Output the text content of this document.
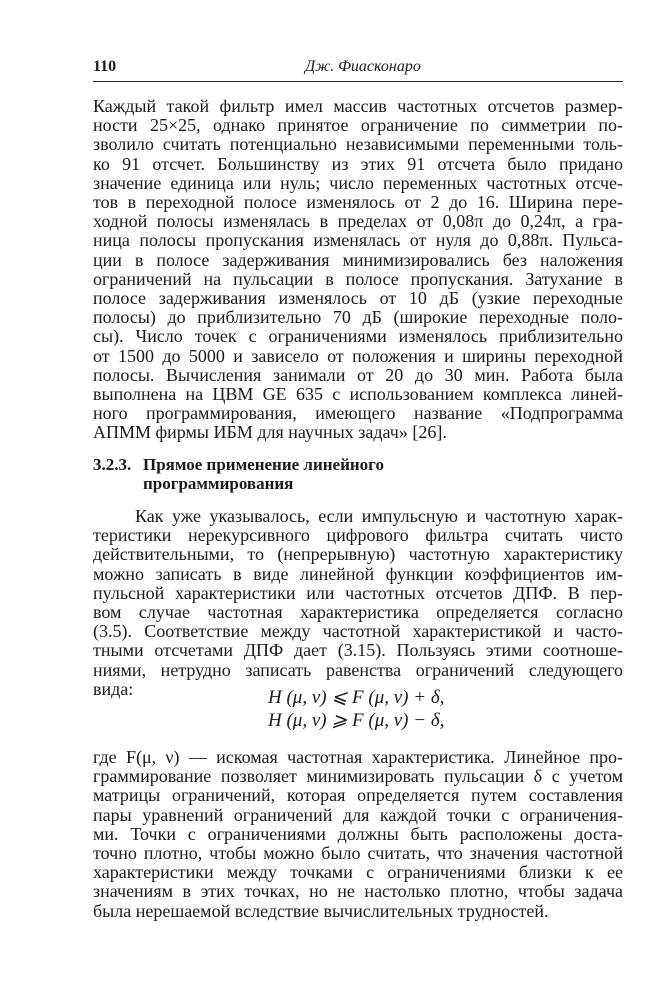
110	Дж. Фиасконаро
Каждый такой фильтр имел массив частотных отсчетов размер-
ности 25×25, однако принятое ограничение по симметрии по-
зволило считать потенциально независимыми переменными толь-
ко 91 отсчет. Большинству из этих 91 отсчета было придано
значение единица или нуль; число переменных частотных отсче-
тов в переходной полосе изменялось от 2 до 16. Ширина пере-
ходной полосы изменялась в пределах от 0,08π до 0,24π, а гра-
ница полосы пропускания изменялась от нуля до 0,88π. Пульса-
ции в полосе задерживания минимизировались без наложения
ограничений на пульсации в полосе пропускания. Затухание в
полосе задерживания изменялось от 10 дБ (узкие переходные
полосы) до приблизительно 70 дБ (широкие переходные поло-
сы). Число точек с ограничениями изменялось приблизительно
от 1500 до 5000 и зависело от положения и ширины переходной
полосы. Вычисления занимали от 20 до 30 мин. Работа была
выполнена на ЦВМ GE 635 с использованием комплекса линей-
ного программирования, имеющего название «Подпрограмма
АПММ фирмы ИБМ для научных задач» [26].
3.2.3. Прямое применение линейного
программирования
Как уже указывалось, если импульсную и частотную харак-
теристики нерекурсивного цифрового фильтра считать чисто
действительными, то (непрерывную) частотную характеристику
можно записать в виде линейной функции коэффициентов им-
пульсной характеристики или частотных отсчетов ДПФ. В пер-
вом случае частотная характеристика определяется согласно
(3.5). Соответствие между частотной характеристикой и часто-
тными отсчетами ДПФ дает (3.15). Пользуясь этими соотноше-
ниями, нетрудно записать равенства ограничений следующего
вида:	H (μ, ν) ⩽ F (μ, ν) + δ,
H (μ, ν) ⩾ F (μ, ν) − δ,
где F(μ, ν) — искомая частотная характеристика. Линейное про-
граммирование позволяет минимизировать пульсации δ с учетом
матрицы ограничений, которая определяется путем составления
пары уравнений ограничений для каждой точки с ограничения-
ми. Точки с ограничениями должны быть расположены доста-
точно плотно, чтобы можно было считать, что значения частотной
характеристики между точками с ограничениями близки к ее
значениям в этих точках, но не настолько плотно, чтобы задача
была нерешаемой вследствие вычислительных трудностей.
